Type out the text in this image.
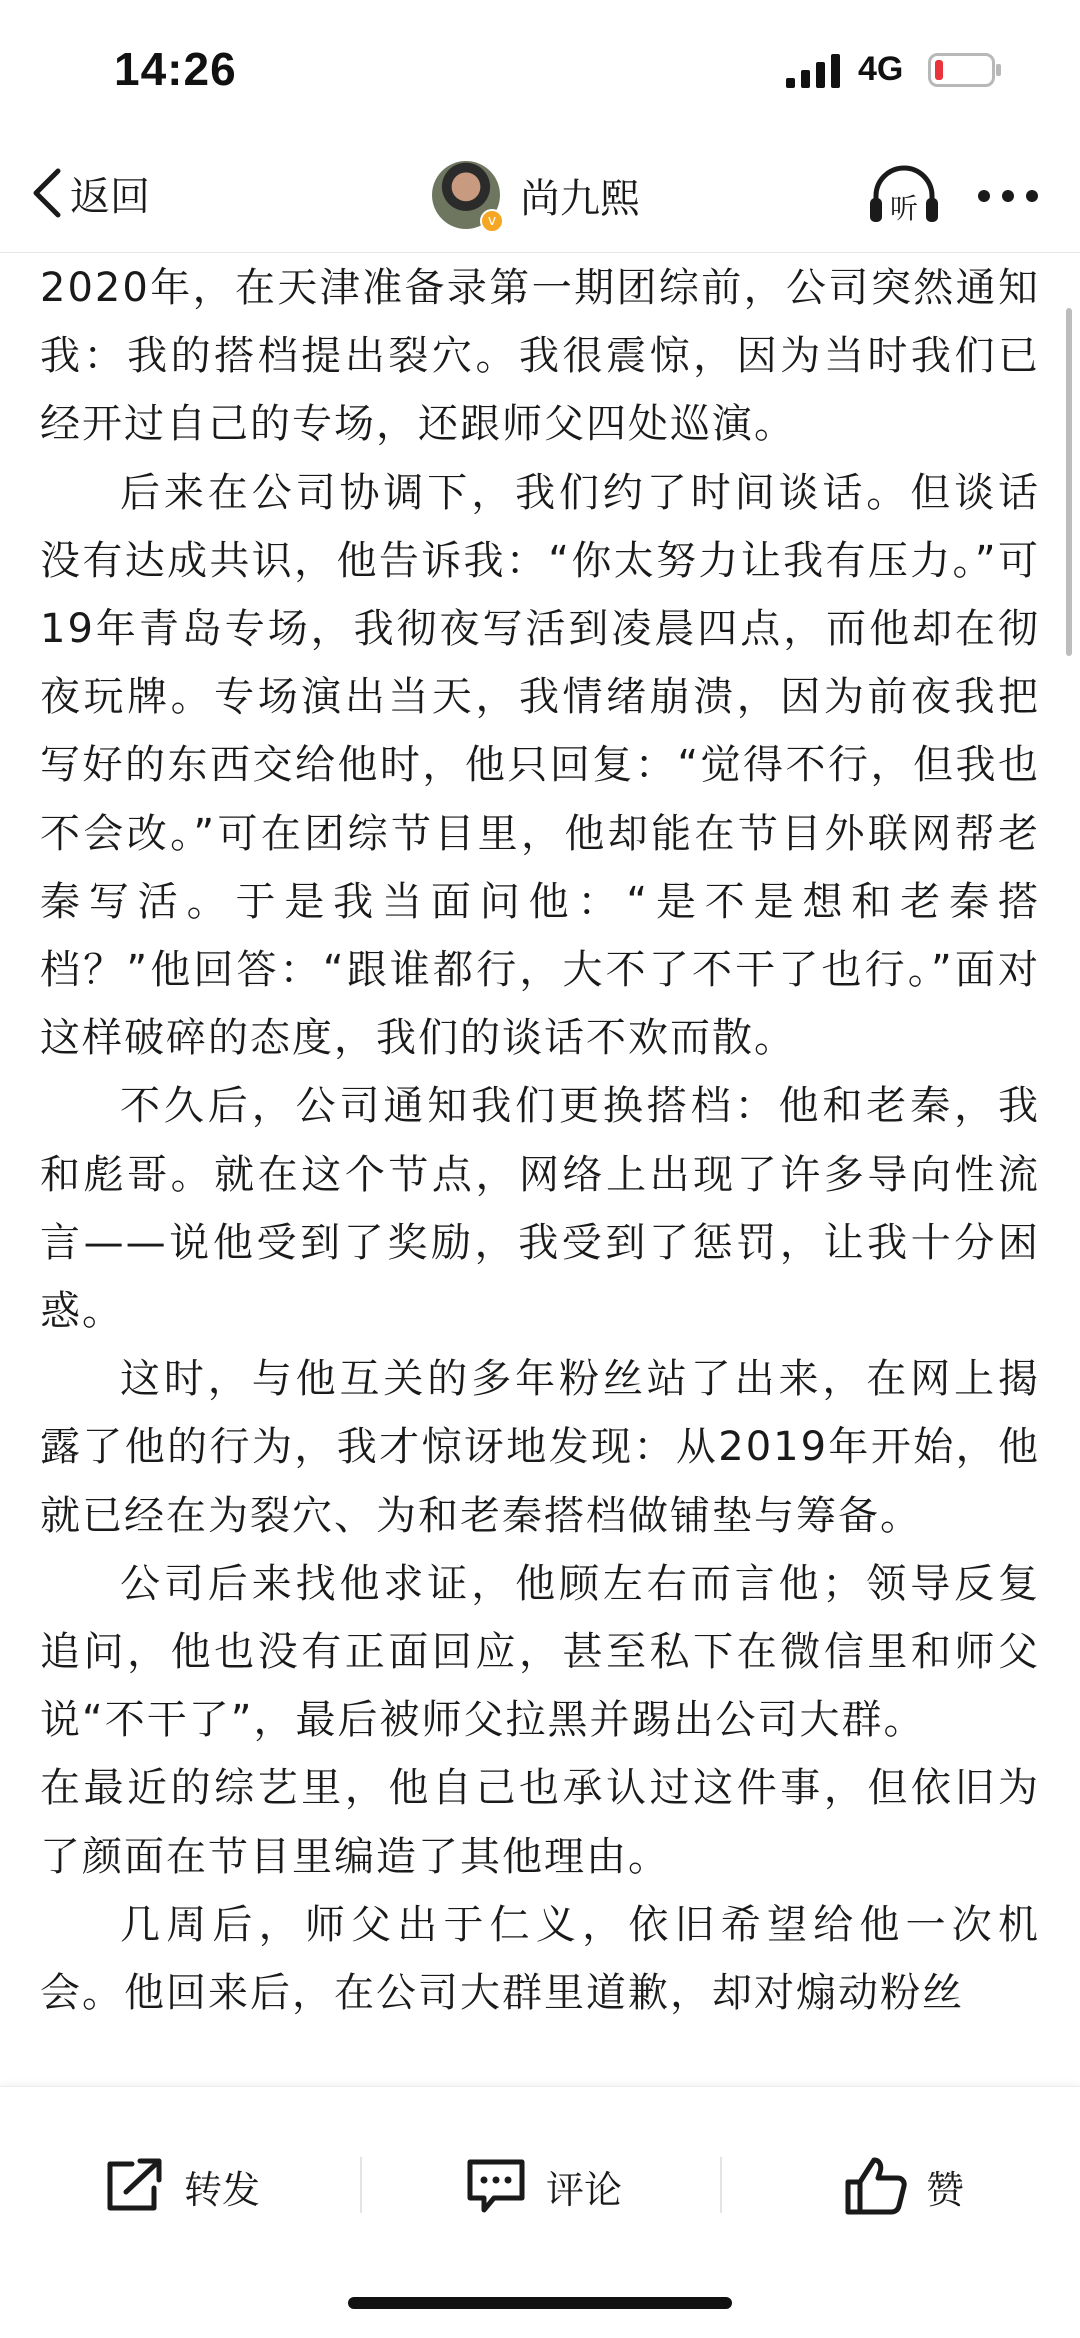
14:26	4G
返回
v 尚九熙	听

2020年，在天津准备录第一期团综前，公司突然通知我：我的搭档提出裂穴。我很震惊，因为当时我们已经开过自己的专场，还跟师父四处巡演。

后来在公司协调下，我们约了时间谈话。但谈话没有达成共识，他告诉我：“你太努力让我有压力。”可19年青岛专场，我彻夜写活到凌晨四点，而他却在彻夜玩牌。专场演出当天，我情绪崩溃，因为前夜我把写好的东西交给他时，他只回复：“觉得不行，但我也不会改。”可在团综节目里，他却能在节目外联网帮老秦写活。于是我当面问他：“是不是想和老秦搭档？”他回答：“跟谁都行，大不了不干了也行。”面对这样破碎的态度，我们的谈话不欢而散。

不久后，公司通知我们更换搭档：他和老秦，我和彪哥。就在这个节点，网络上出现了许多导向性流言——说他受到了奖励，我受到了惩罚，让我十分困惑。

这时，与他互关的多年粉丝站了出来，在网上揭露了他的行为，我才惊讶地发现：从2019年开始，他就已经在为裂穴、为和老秦搭档做铺垫与筹备。

公司后来找他求证，他顾左右而言他；领导反复追问，他也没有正面回应，甚至私下在微信里和师父说“不干了”，最后被师父拉黑并踢出公司大群。

在最近的综艺里，他自己也承认过这件事，但依旧为了颜面在节目里编造了其他理由。

几周后，师父出于仁义，依旧希望给他一次机会。他回来后，在公司大群里道歉，却对煽动粉丝

转发	评论	赞
